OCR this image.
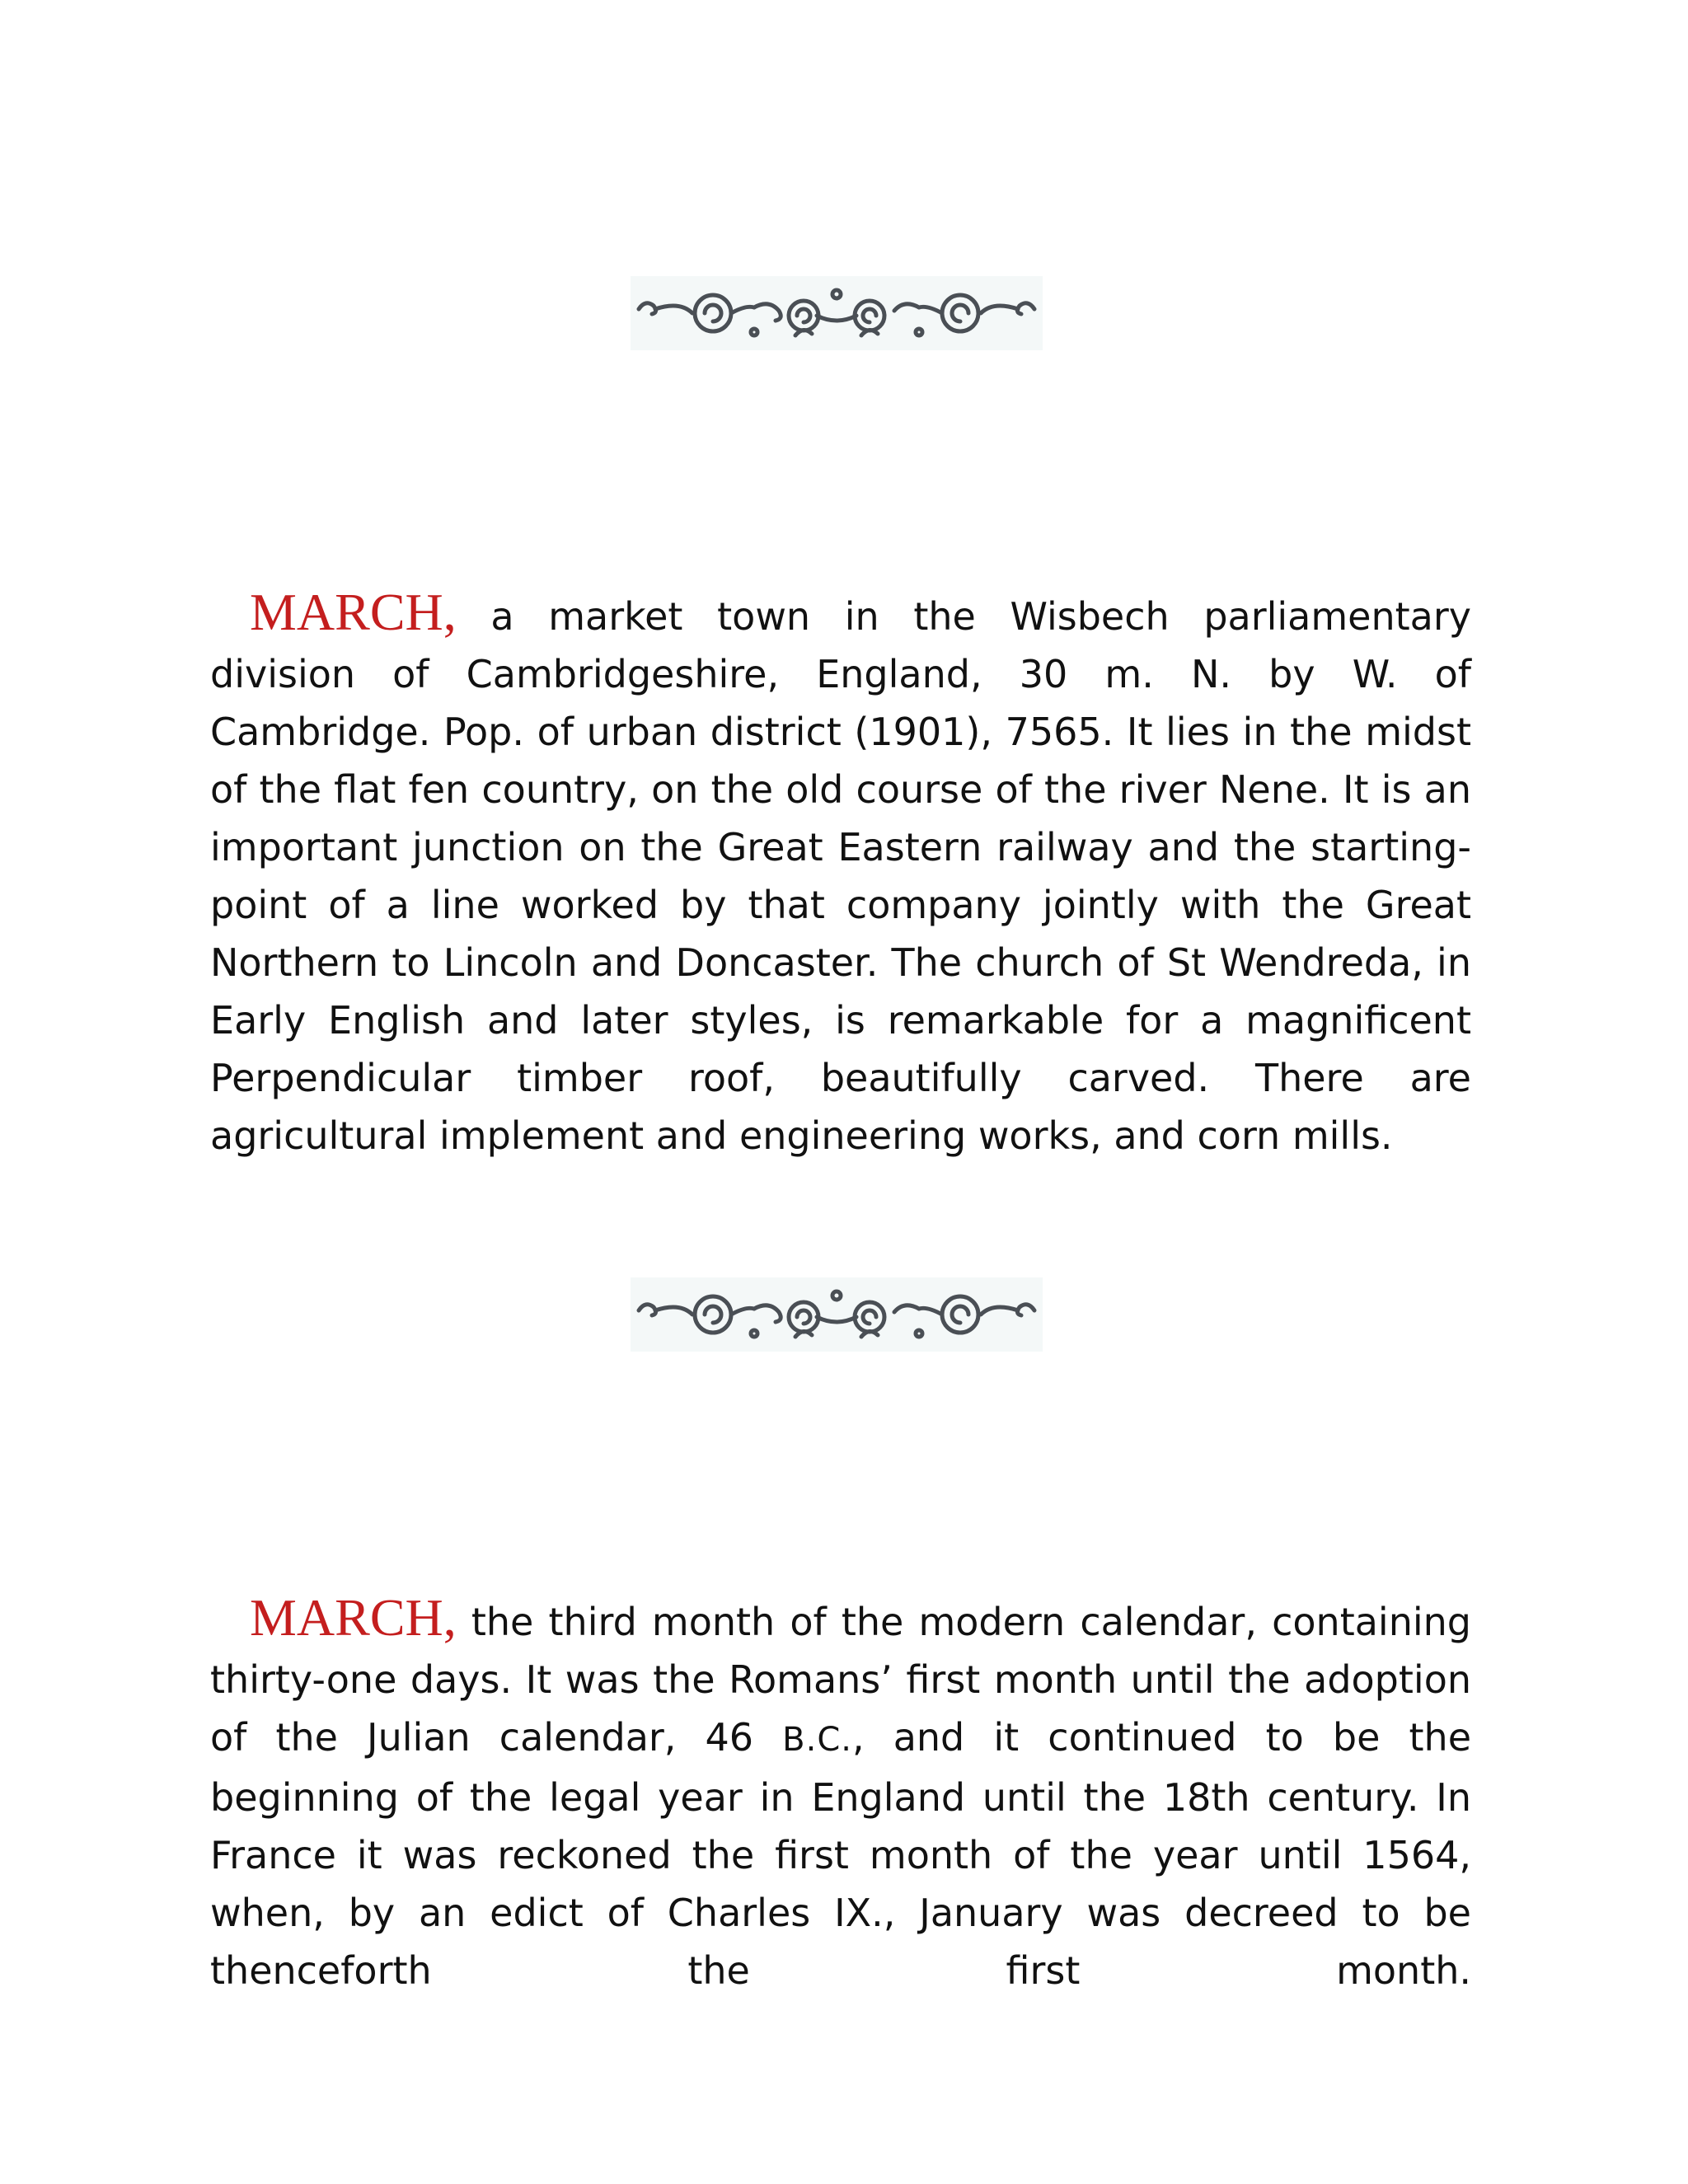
MARCH, a market town in the Wisbech parliamentary division of Cambridgeshire, England, 30 m. N. by W. of Cambridge. Pop. of urban district (1901), 7565. It lies in the midst of the flat fen country, on the old course of the river Nene. It is an important junction on the Great Eastern railway and the starting-point of a line worked by that company jointly with the Great Northern to Lincoln and Doncaster. The church of St Wendreda, in Early English and later styles, is remarkable for a magnificent Perpendicular timber roof, beautifully carved. There are agricultural implement and engineering works, and corn mills.

MARCH, the third month of the modern calendar, containing thirty-one days. It was the Romans’ first month until the adoption of the Julian calendar, 46 B.C., and it continued to be the beginning of the legal year in England until the 18th century. In France it was reckoned the first month of the year until 1564, when, by an edict of Charles IX., January was decreed to be thenceforth the first month.
